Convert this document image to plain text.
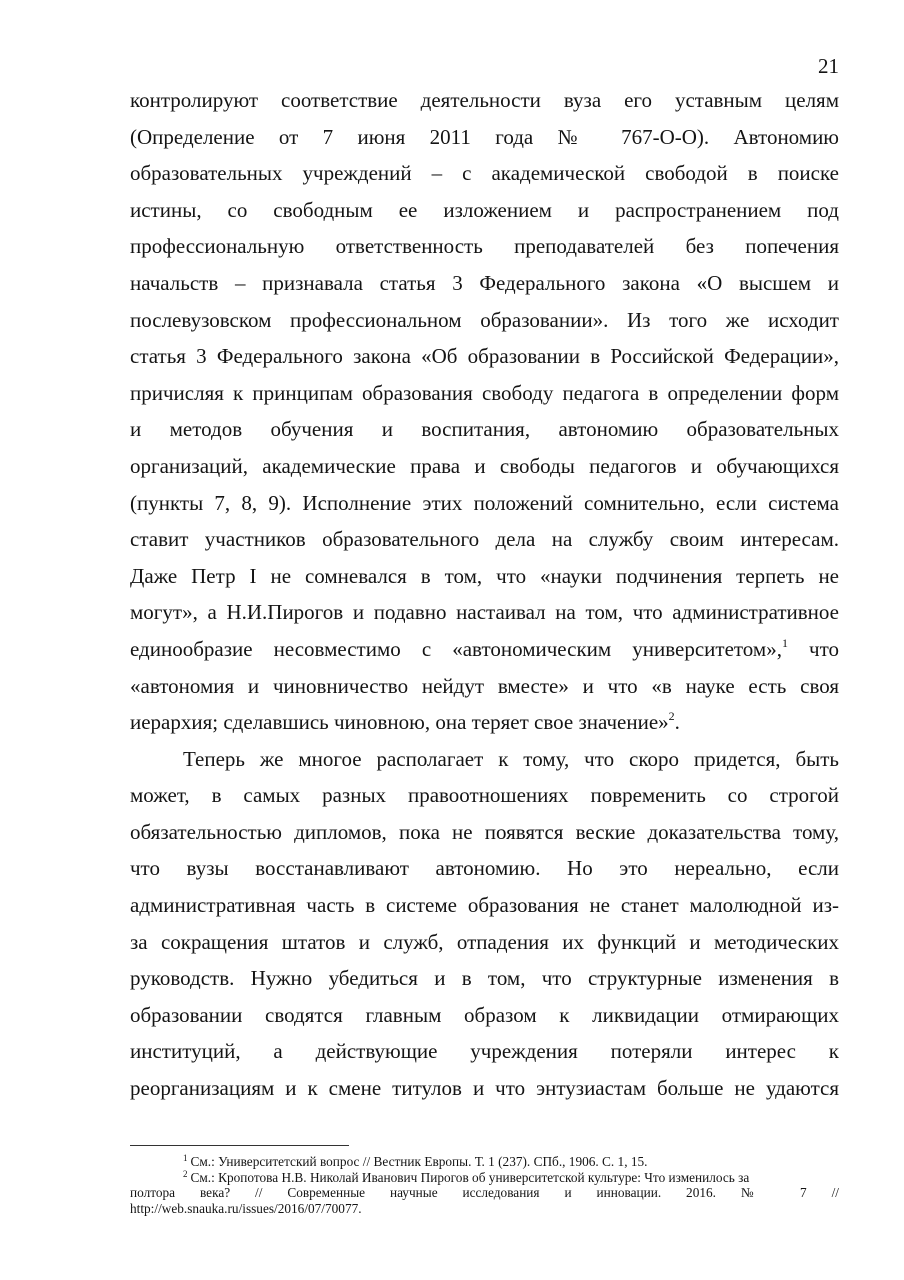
21
контролируют соответствие деятельности вуза его уставным целям
(Определение от 7 июня 2011 года № 767-О-О). Автономию
образовательных учреждений – с академической свободой в поиске
истины, со свободным ее изложением и распространением под
профессиональную ответственность преподавателей без попечения
начальств – признавала статья 3 Федерального закона «О высшем и
послевузовском профессиональном образовании». Из того же исходит
статья 3 Федерального закона «Об образовании в Российской Федерации»,
причисляя к принципам образования свободу педагога в определении форм
и методов обучения и воспитания, автономию образовательных
организаций, академические права и свободы педагогов и обучающихся
(пункты 7, 8, 9). Исполнение этих положений сомнительно, если система
ставит участников образовательного дела на службу своим интересам.
Даже Петр I не сомневался в том, что «науки подчинения терпеть не
могут», а Н.И.Пирогов и подавно настаивал на том, что административное
единообразие несовместимо с «автономическим университетом»,$^1$ что
«автономия и чиновничество нейдут вместе» и что «в науке есть своя
иерархия; сделавшись чиновною, она теряет свое значение»$^2$.
Теперь же многое располагает к тому, что скоро придется, быть
может, в самых разных правоотношениях повременить со строгой
обязательностью дипломов, пока не появятся веские доказательства тому,
что вузы восстанавливают автономию. Но это нереально, если
административная часть в системе образования не станет малолюдной из-
за сокращения штатов и служб, отпадения их функций и методических
руководств. Нужно убедиться и в том, что структурные изменения в
образовании сводятся главным образом к ликвидации отмирающих
институций, а действующие учреждения потеряли интерес к
реорганизациям и к смене титулов и что энтузиастам больше не удаются
$^1$ См.: Университетский вопрос // Вестник Европы. Т. 1 (237). СПб., 1906. С. 1, 15.
$^2$ См.: Кропотова Н.В. Николай Иванович Пирогов об университетской культуре: Что изменилось за
полтора века? // Современные научные исследования и инновации. 2016. № 7 //
http://web.snauka.ru/issues/2016/07/70077.
